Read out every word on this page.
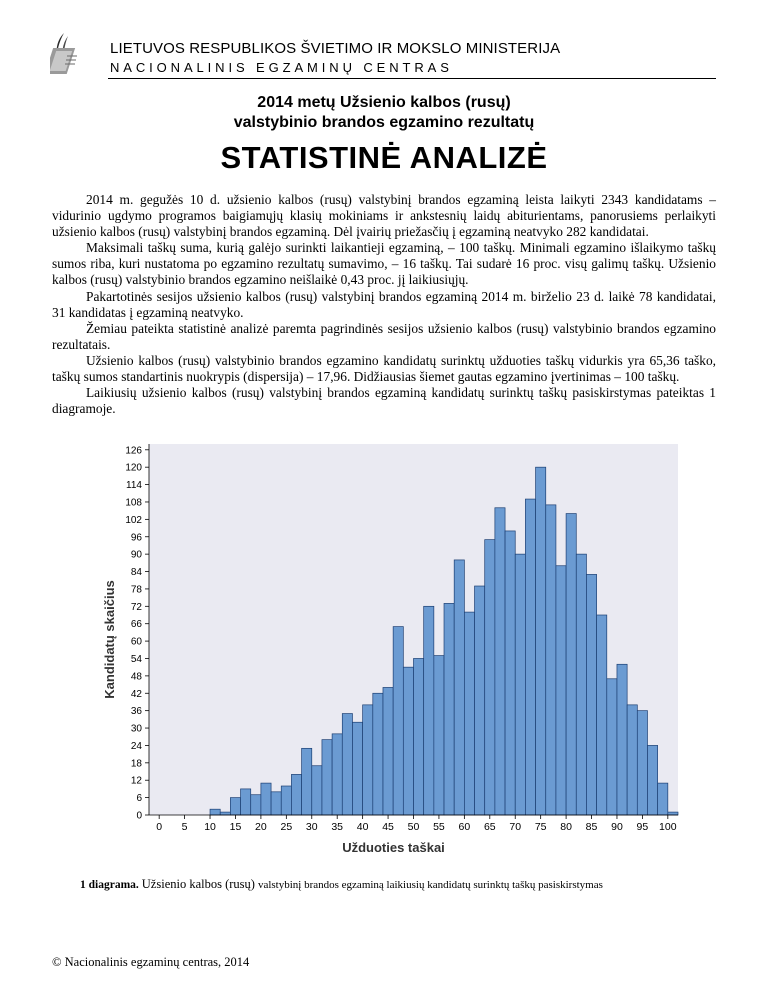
LIETUVOS RESPUBLIKOS ŠVIETIMO IR MOKSLO MINISTERIJA
NACIONALINIS EGZAMINŲ CENTRAS
2014 metų Užsienio kalbos (rusų)
valstybinio brandos egzamino rezultatų
STATISTINĖ ANALIZĖ

2014 m. gegužės 10 d. užsienio kalbos (rusų) valstybinį brandos egzaminą leista laikyti 2343 kandidatams – vidurinio ugdymo programos baigiamųjų klasių mokiniams ir ankstesnių laidų abiturientams, panorusiems perlaikyti užsienio kalbos (rusų) valstybinį brandos egzaminą. Dėl įvairių priežasčių į egzaminą neatvyko 282 kandidatai.

Maksimali taškų suma, kurią galėjo surinkti laikantieji egzaminą, – 100 taškų. Minimali egzamino išlaikymo taškų sumos riba, kuri nustatoma po egzamino rezultatų sumavimo, – 16 taškų. Tai sudarė 16 proc. visų galimų taškų. Užsienio kalbos (rusų) valstybinio brandos egzamino neišlaikė 0,43 proc. jį laikiusiųjų.

Pakartotinės sesijos užsienio kalbos (rusų) valstybinį brandos egzaminą 2014 m. birželio 23 d. laikė 78 kandidatai, 31 kandidatas į egzaminą neatvyko.

Žemiau pateikta statistinė analizė paremta pagrindinės sesijos užsienio kalbos (rusų) valstybinio brandos egzamino rezultatais.

Užsienio kalbos (rusų) valstybinio brandos egzamino kandidatų surinktų užduoties taškų vidurkis yra 65,36 taško, taškų sumos standartinis nuokrypis (dispersija) – 17,96. Didžiausias šiemet gautas egzamino įvertinimas – 100 taškų.

Laikiusių užsienio kalbos (rusų) valstybinį brandos egzaminą kandidatų surinktų taškų pasiskirstymas pateiktas 1 diagramoje.

0
6
12
18
24
30
36
42
48
54
60
66
72
78
84
90
96
102
108
114
120
126
0 5 10 15 20 25 30 35 40 45 50 55 60 65 70 75 80 85 90 95 100
Užduoties taškai
Kandidatų skaičius
1 diagrama. Užsienio kalbos (rusų) valstybinį brandos egzaminą laikiusių kandidatų surinktų taškų pasiskirstymas
© Nacionalinis egzaminų centras, 2014
